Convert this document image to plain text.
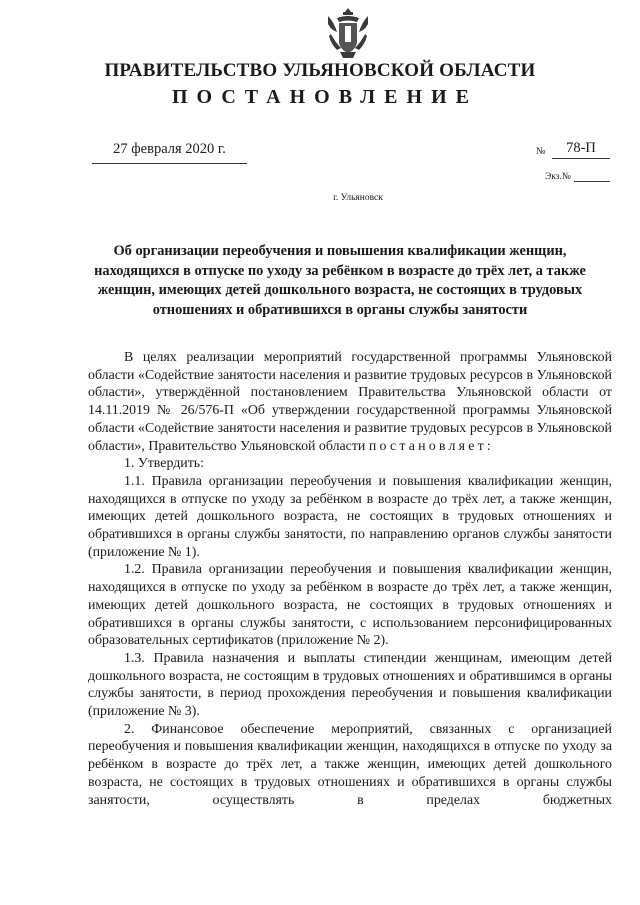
ПРАВИТЕЛЬСТВО УЛЬЯНОВСКОЙ ОБЛАСТИ
ПОСТАНОВЛЕНИЕ
27 февраля 2020 г.	№	78-П
Экз.№
г. Ульяновск
Об организации переобучения и повышения квалификации женщин, находящихся в отпуске по уходу за ребёнком в возрасте до трёх лет, а также женщин, имеющих детей дошкольного возраста, не состоящих в трудовых отношениях и обратившихся в органы службы занятости

В целях реализации мероприятий государственной программы Ульяновской области «Содействие занятости населения и развитие трудовых ресурсов в Ульяновской области», утверждённой постановлением Правительства Ульяновской области от 14.11.2019 № 26/576-П «Об утверждении государственной программы Ульяновской области «Содействие занятости населения и развитие трудовых ресурсов в Ульяновской области», Правительство Ульяновской области постановляет:

1. Утвердить:

1.1. Правила организации переобучения и повышения квалификации женщин, находящихся в отпуске по уходу за ребёнком в возрасте до трёх лет, а также женщин, имеющих детей дошкольного возраста, не состоящих в трудовых отношениях и обратившихся в органы службы занятости, по направлению органов службы занятости (приложение № 1).

1.2. Правила организации переобучения и повышения квалификации женщин, находящихся в отпуске по уходу за ребёнком в возрасте до трёх лет, а также женщин, имеющих детей дошкольного возраста, не состоящих в трудовых отношениях и обратившихся в органы службы занятости, с использованием персонифицированных образовательных сертификатов (приложение № 2).

1.3. Правила назначения и выплаты стипендии женщинам, имеющим детей дошкольного возраста, не состоящим в трудовых отношениях и обратившимся в органы службы занятости, в период прохождения переобучения и повышения квалификации (приложение № 3).

2. Финансовое обеспечение мероприятий, связанных с организацией переобучения и повышения квалификации женщин, находящихся в отпуске по уходу за ребёнком в возрасте до трёх лет, а также женщин, имеющих детей дошкольного возраста, не состоящих в трудовых отношениях и обратившихся в органы службы занятости, осуществлять в пределах бюджетных
